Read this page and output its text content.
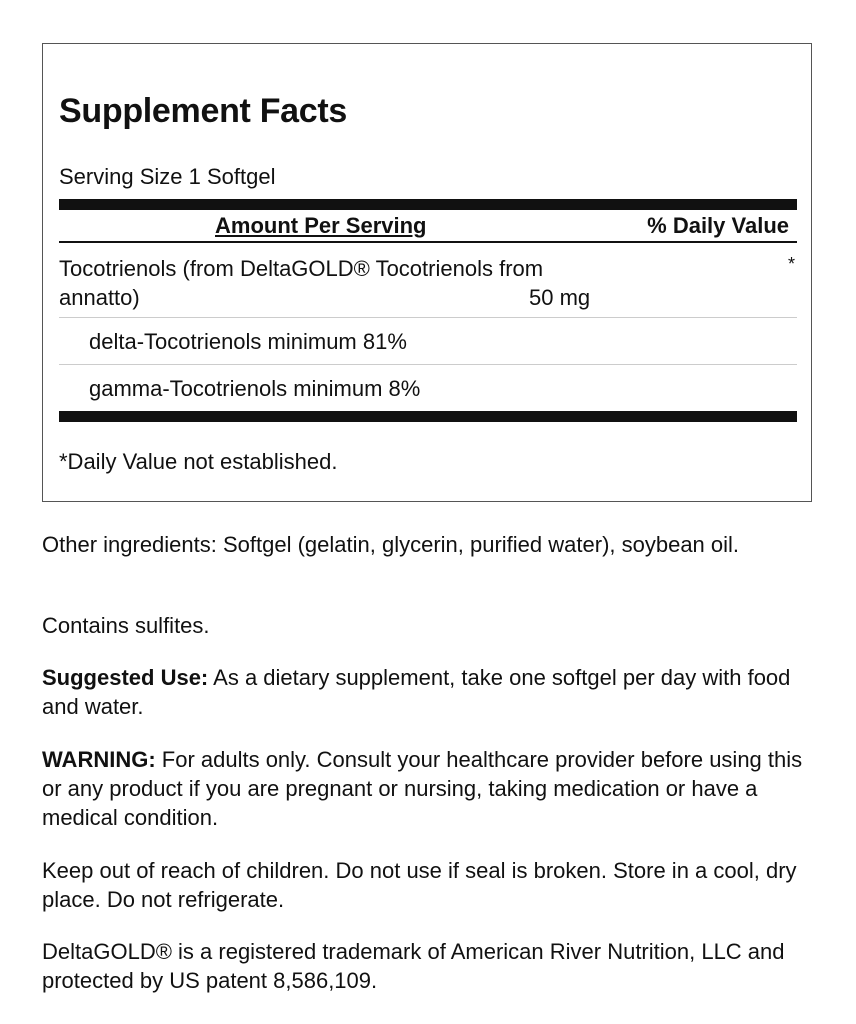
Supplement Facts
Serving Size 1 Softgel
Amount Per Serving	% Daily Value
Tocotrienols (from DeltaGOLD® Tocotrienols from annatto)	50 mg
*
delta-Tocotrienols minimum 81%
gamma-Tocotrienols minimum 8%
*Daily Value not established.

Other ingredients: Softgel (gelatin, glycerin, purified water), soybean oil.

Contains sulfites.

Suggested Use: As a dietary supplement, take one softgel per day with food and water.

WARNING: For adults only. Consult your healthcare provider before using this or any product if you are pregnant or nursing, taking medication or have a medical condition.

Keep out of reach of children. Do not use if seal is broken. Store in a cool, dry place. Do not refrigerate.

DeltaGOLD® is a registered trademark of American River Nutrition, LLC and protected by US patent 8,586,109.
